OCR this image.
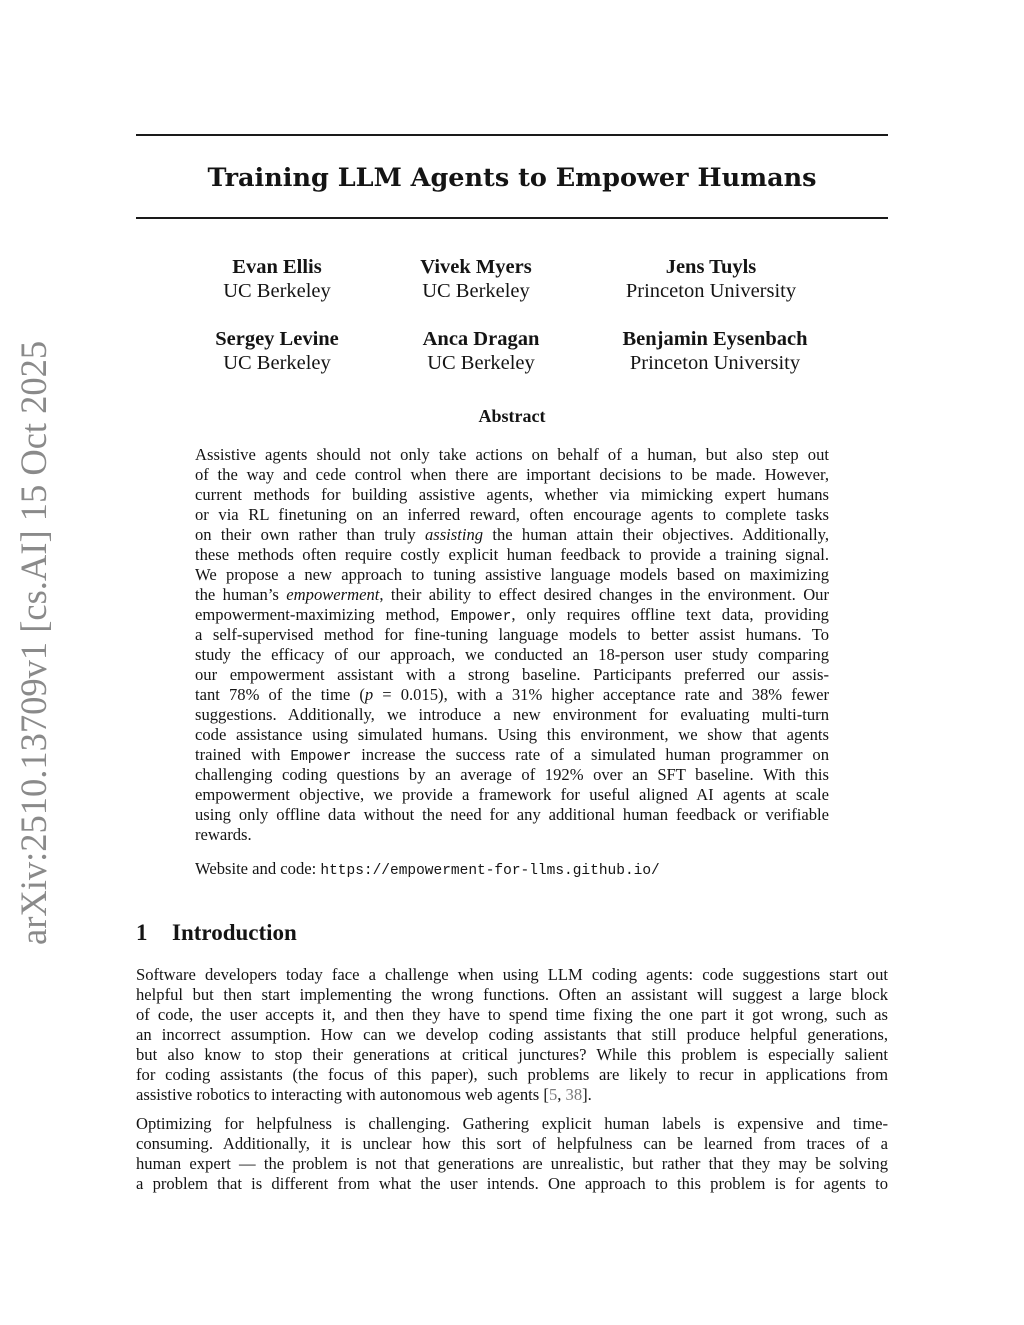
arXiv:2510.13709v1 [cs.AI] 15 Oct 2025
Training LLM Agents to Empower Humans
Evan Ellis
UC Berkeley
Vivek Myers
UC Berkeley
Jens Tuyls
Princeton University
Sergey Levine
UC Berkeley
Anca Dragan
UC Berkeley
Benjamin Eysenbach
Princeton University
Abstract
Assistive agents should not only take actions on behalf of a human, but also step out
of the way and cede control when there are important decisions to be made. However,
current methods for building assistive agents, whether via mimicking expert humans
or via RL finetuning on an inferred reward, often encourage agents to complete tasks
on their own rather than truly assisting the human attain their objectives. Additionally,
these methods often require costly explicit human feedback to provide a training signal.
We propose a new approach to tuning assistive language models based on maximizing
the human’s empowerment, their ability to effect desired changes in the environment. Our
empowerment-maximizing method, Empower, only requires offline text data, providing
a self-supervised method for fine-tuning language models to better assist humans. To
study the efficacy of our approach, we conducted an 18-person user study comparing
our empowerment assistant with a strong baseline. Participants preferred our assis-
tant 78% of the time (p = 0.015), with a 31% higher acceptance rate and 38% fewer
suggestions. Additionally, we introduce a new environment for evaluating multi-turn
code assistance using simulated humans. Using this environment, we show that agents
trained with Empower increase the success rate of a simulated human programmer on
challenging coding questions by an average of 192% over an SFT baseline. With this
empowerment objective, we provide a framework for useful aligned AI agents at scale
using only offline data without the need for any additional human feedback or verifiable
rewards.
Website and code: https://empowerment-for-llms.github.io/
1 Introduction
Software developers today face a challenge when using LLM coding agents: code suggestions start out
helpful but then start implementing the wrong functions. Often an assistant will suggest a large block
of code, the user accepts it, and then they have to spend time fixing the one part it got wrong, such as
an incorrect assumption. How can we develop coding assistants that still produce helpful generations,
but also know to stop their generations at critical junctures? While this problem is especially salient
for coding assistants (the focus of this paper), such problems are likely to recur in applications from
assistive robotics to interacting with autonomous web agents [5, 38].
Optimizing for helpfulness is challenging. Gathering explicit human labels is expensive and time-
consuming. Additionally, it is unclear how this sort of helpfulness can be learned from traces of a
human expert — the problem is not that generations are unrealistic, but rather that they may be solving
a problem that is different from what the user intends. One approach to this problem is for agents to
